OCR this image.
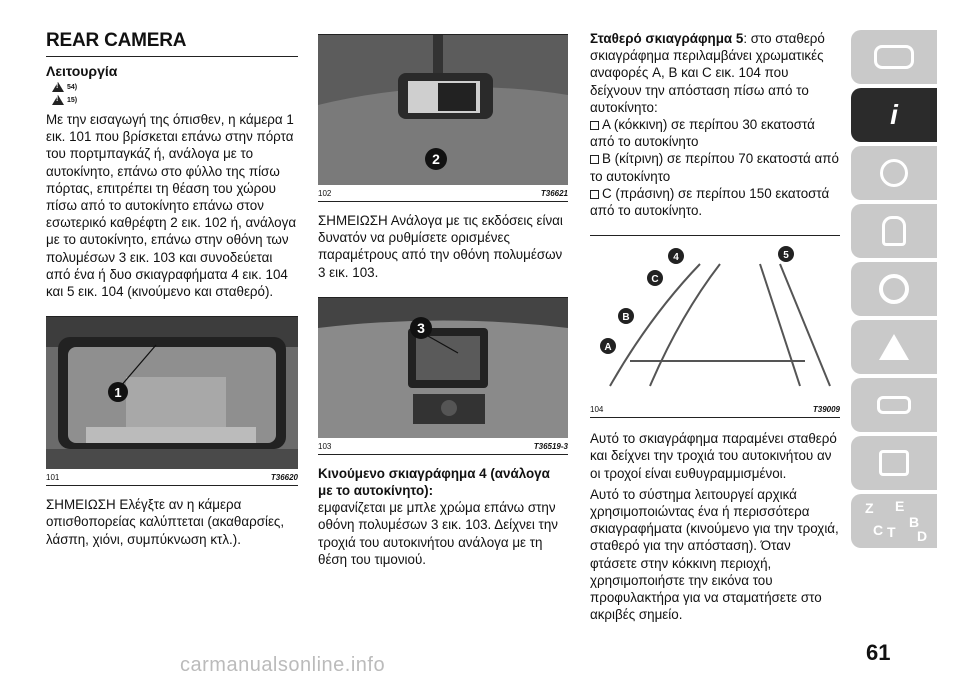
REAR CAMERA
Λειτουργία
!
54)
!
15)

Με την εισαγωγή της όπισθεν, η κάμερα 1 εικ. 101 που βρίσκεται επάνω στην πόρτα του πορτμπαγκάζ ή, ανάλογα με το αυτοκίνητο, επάνω στο φύλλο της πίσω πόρτας, επιτρέπει τη θέαση του χώρου πίσω από το αυτοκίνητο επάνω στον εσωτερικό καθρέφτη 2 εικ. 102 ή, ανάλογα με το αυτοκίνητο, επάνω στην οθόνη των πολυμέσων 3 εικ. 103 και συνοδεύεται από ένα ή δυο σκιαγραφήματα 4 εικ. 104 και 5 εικ. 104 (κινούμενο και σταθερό).

1
101	T36620

ΣΗΜΕΙΩΣΗ Ελέγξτε αν η κάμερα οπισθοπορείας καλύπτεται (ακαθαρσίες, λάσπη, χιόνι, συμπύκνωση κτλ.).

2
102	T36621

ΣΗΜΕΙΩΣΗ Ανάλογα με τις εκδόσεις είναι δυνατόν να ρυθμίσετε ορισμένες παραμέτρους από την οθόνη πολυμέσων 3 εικ. 103.

3
103	T36519-3

Κινούμενο σκιαγράφημα 4 (ανάλογα με το αυτοκίνητο):

εμφανίζεται με μπλε χρώμα επάνω στην οθόνη πολυμέσων 3 εικ. 103. Δείχνει την τροχιά του αυτοκινήτου ανάλογα με τη θέση του τιμονιού.

Σταθερό σκιαγράφημα 5: στο σταθερό σκιαγράφημα περιλαμβάνει χρωματικές αναφορές A, B και C εικ. 104 που δείχνουν την απόσταση πίσω από το αυτοκίνητο:

A (κόκκινη) σε περίπου 30 εκατοστά από το αυτοκίνητο

B (κίτρινη) σε περίπου 70 εκατοστά από το αυτοκίνητο

C (πράσινη) σε περίπου 150 εκατοστά από το αυτοκίνητο.

A
B
C
4	5
104	T39009

Αυτό το σκιαγράφημα παραμένει σταθερό και δείχνει την τροχιά του αυτοκινήτου αν οι τροχοί είναι ευθυγραμμισμένοι.

Αυτό το σύστημα λειτουργεί αρχικά χρησιμοποιώντας ένα ή περισσότερα σκιαγραφήματα (κινούμενο για την τροχιά, σταθερό για την απόσταση). Όταν φτάσετε στην κόκκινη περιοχή, χρησιμοποιήστε την εικόνα του προφυλακτήρα για να σταματήσετε στο ακριβές σημείο.

i
Z E
C T
B
D
61
carmanualsonline.info
